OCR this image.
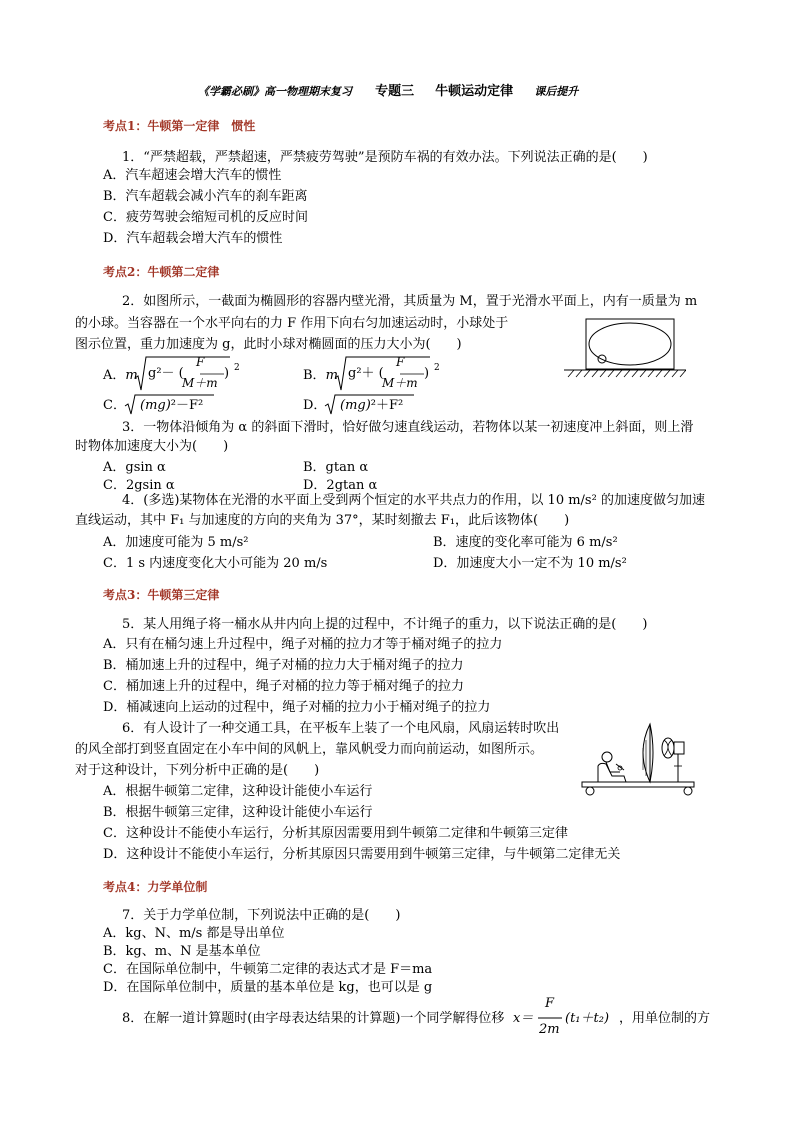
《学霸必刷》高一物理期末复习 专题三 牛顿运动定律 课后提升
考点1：牛顿第一定律　惯性
1．“严禁超载，严禁超速，严禁疲劳驾驶”是预防车祸的有效办法。下列说法正确的是(　　)
A．汽车超速会增大汽车的惯性
B．汽车超载会减小汽车的刹车距离
C．疲劳驾驶会缩短司机的反应时间
D．汽车超载会增大汽车的惯性
考点2：牛顿第二定律
2．如图所示，一截面为椭圆形的容器内壁光滑，其质量为 M，置于光滑水平面上，内有一质量为 m
的小球。当容器在一个水平向右的力 F 作用下向右匀加速运动时，小球处于
图示位置，重力加速度为 g，此时小球对椭圆面的压力大小为(　　)
A．m g²－ (
F
M＋m
) 2	B．m g²＋ (
F
M＋m
) 2
C． (mg)²－F²	D． (mg)²＋F²
3．一物体沿倾角为 α 的斜面下滑时，恰好做匀速直线运动，若物体以某一初速度冲上斜面，则上滑
时物体加速度大小为(　　)
A．gsin α	B．gtan α
C．2gsin α	D．2gtan α
4．(多选)某物体在光滑的水平面上受到两个恒定的水平共点力的作用，以 10 m/s² 的加速度做匀加速
直线运动，其中 F₁ 与加速度的方向的夹角为 37°，某时刻撤去 F₁，此后该物体(　　)
A．加速度可能为 5 m/s²	B．速度的变化率可能为 6 m/s²
C．1 s 内速度变化大小可能为 20 m/s	D．加速度大小一定不为 10 m/s²
考点3：牛顿第三定律
5．某人用绳子将一桶水从井内向上提的过程中，不计绳子的重力，以下说法正确的是(　　)
A．只有在桶匀速上升过程中，绳子对桶的拉力才等于桶对绳子的拉力
B．桶加速上升的过程中，绳子对桶的拉力大于桶对绳子的拉力
C．桶加速上升的过程中，绳子对桶的拉力等于桶对绳子的拉力
D．桶减速向上运动的过程中，绳子对桶的拉力小于桶对绳子的拉力
6．有人设计了一种交通工具，在平板车上装了一个电风扇，风扇运转时吹出
的风全部打到竖直固定在小车中间的风帆上，靠风帆受力而向前运动，如图所示。
对于这种设计，下列分析中正确的是(　　)
A．根据牛顿第二定律，这种设计能使小车运行
B．根据牛顿第三定律，这种设计能使小车运行
C．这种设计不能使小车运行，分析其原因需要用到牛顿第二定律和牛顿第三定律
D．这种设计不能使小车运行，分析其原因只需要用到牛顿第三定律，与牛顿第二定律无关
考点4：力学单位制
7．关于力学单位制，下列说法中正确的是(　　)
A．kg、N、m/s 都是导出单位
B．kg、m、N 是基本单位
C．在国际单位制中，牛顿第二定律的表达式才是 F＝ma
D．在国际单位制中，质量的基本单位是 kg，也可以是 g
8．在解一道计算题时(由字母表达结果的计算题)一个同学解得位移 x＝
F
2m
(t₁＋t₂) ，用单位制的方
